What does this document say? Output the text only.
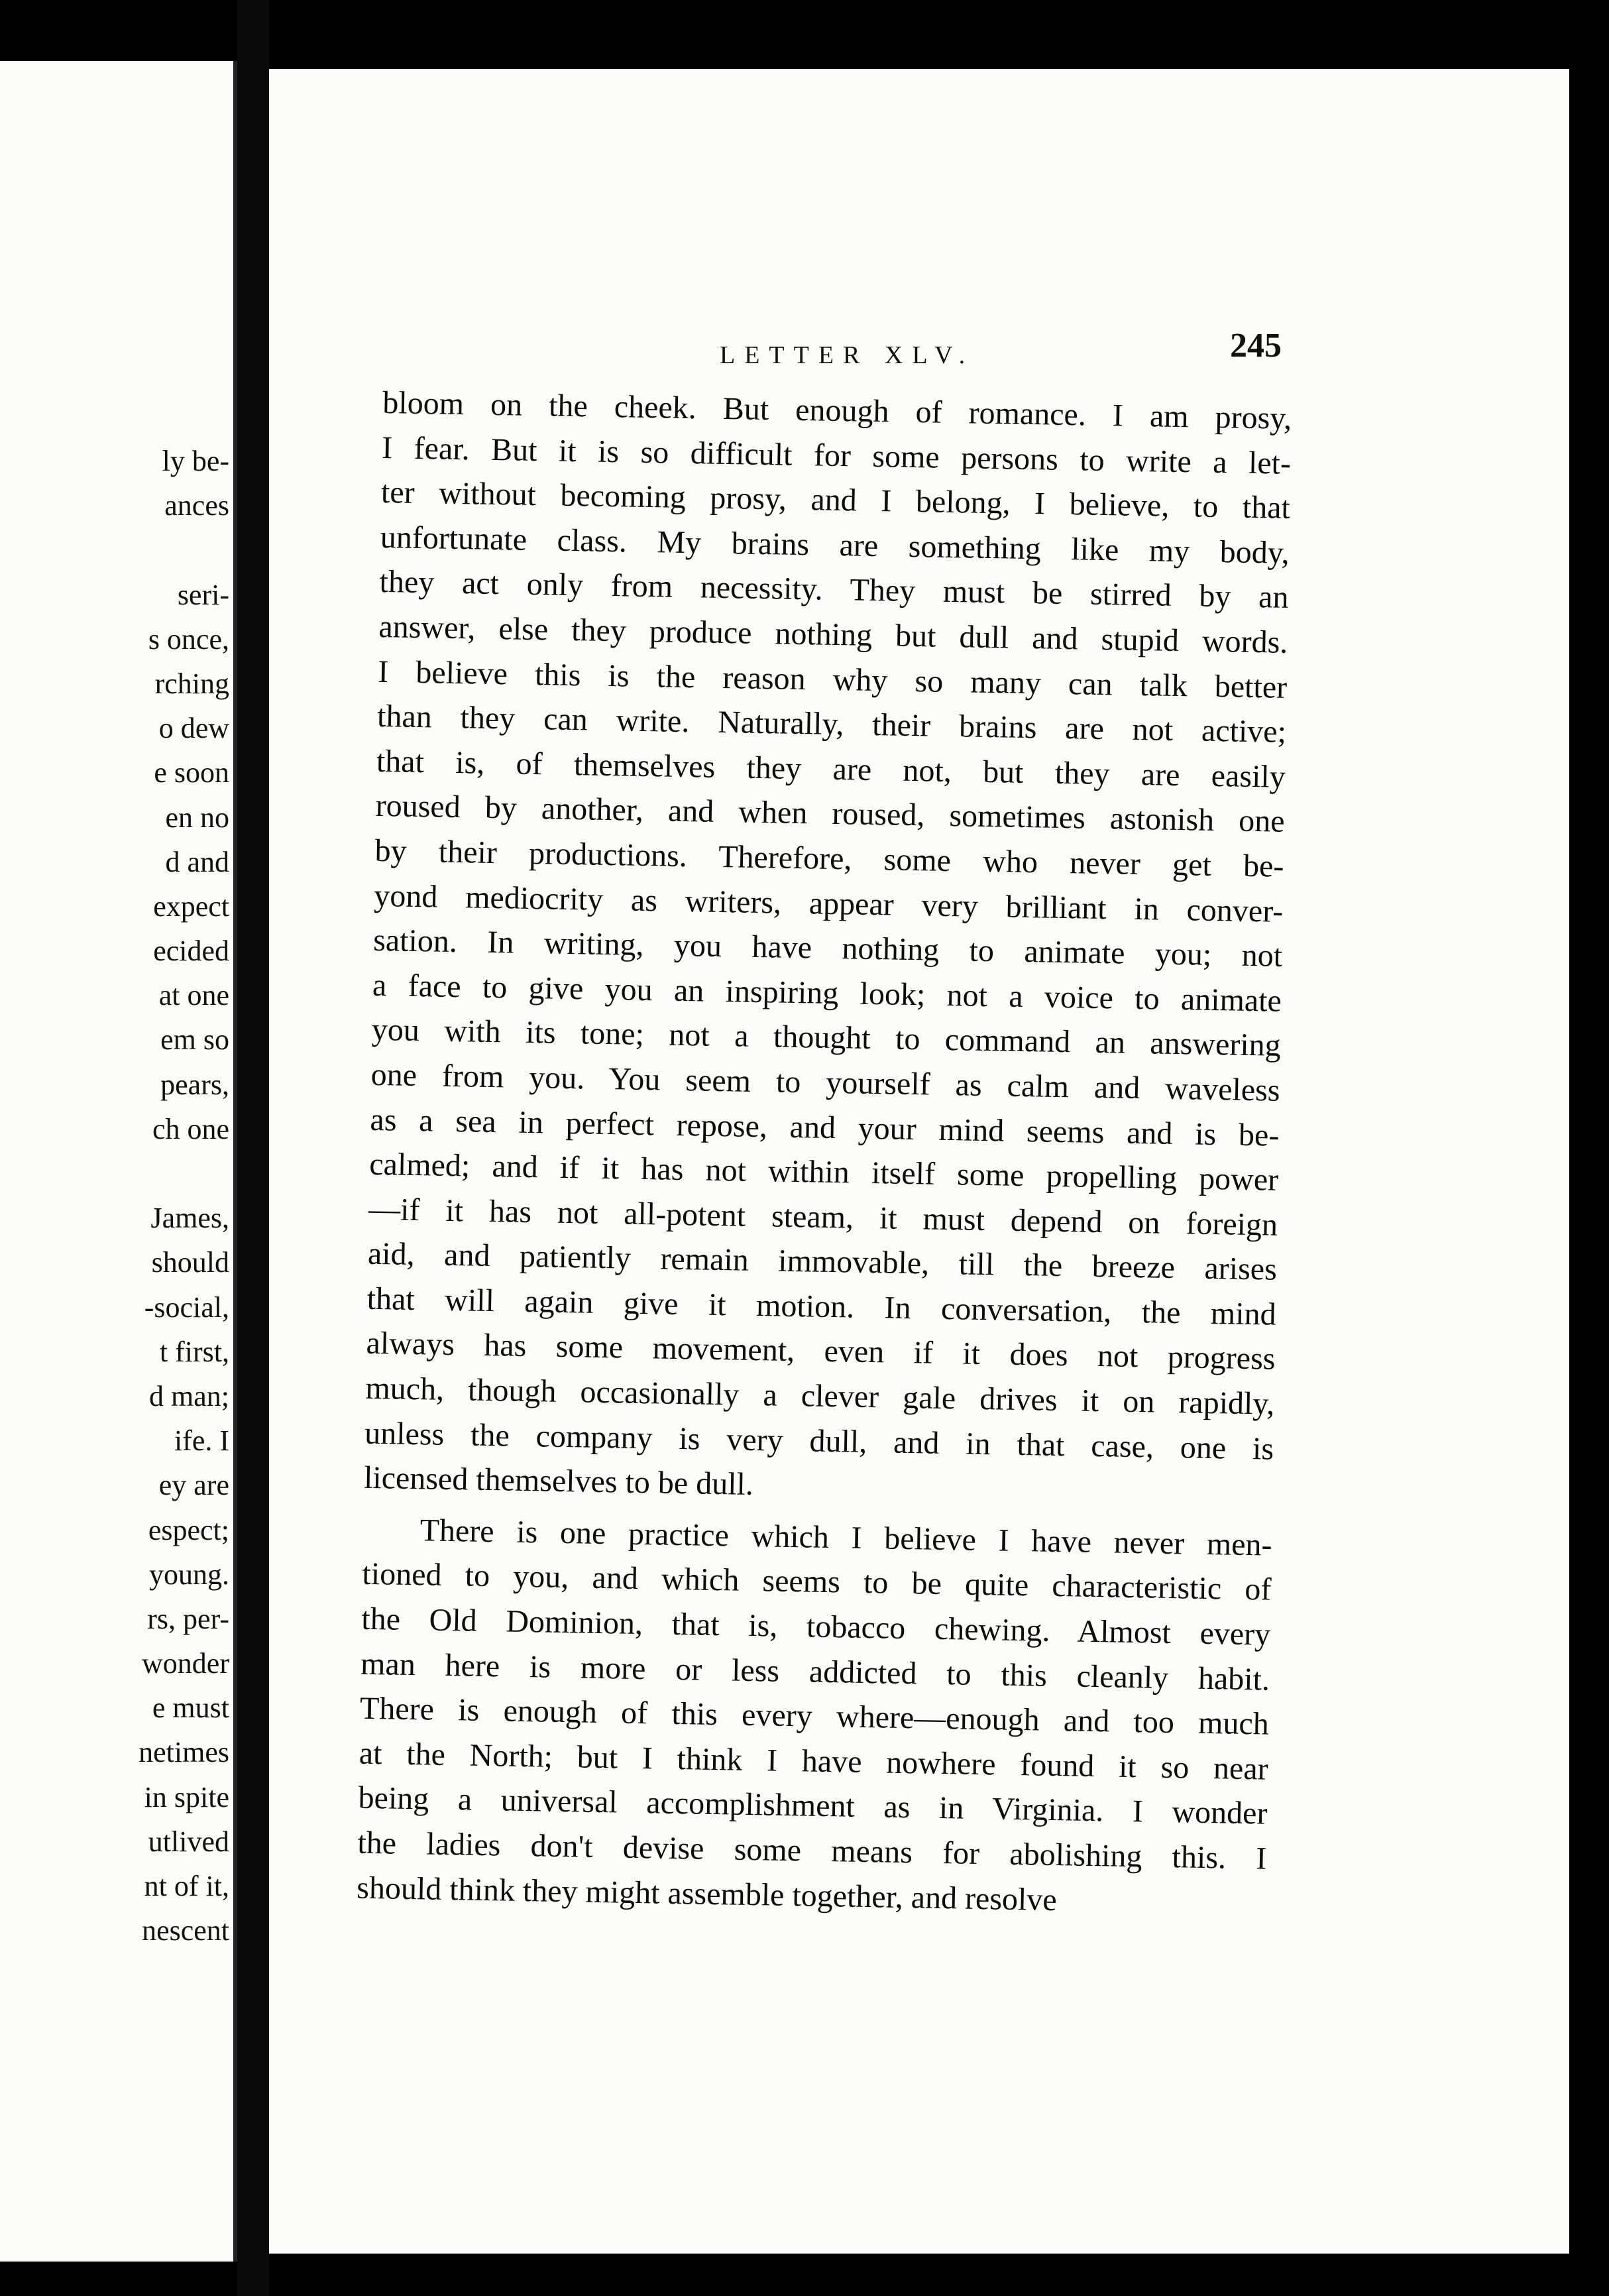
ly be-
ances
seri-
s once,
rching
o dew
e soon
en no
d and
expect
ecided
at one
em so
pears,
ch one
James,
should
-social,
t first,
d man;
ife. I
ey are
espect;
young.
rs, per-
wonder
e must
netimes
in spite
utlived
nt of it,
nescent
LETTER XLV.	245
bloom on the cheek. But enough of romance. I am prosy,
I fear. But it is so difficult for some persons to write a let-
ter without becoming prosy, and I belong, I believe, to that
unfortunate class. My brains are something like my body,
they act only from necessity. They must be stirred by an
answer, else they produce nothing but dull and stupid words.
I believe this is the reason why so many can talk better
than they can write. Naturally, their brains are not active;
that is, of themselves they are not, but they are easily
roused by another, and when roused, sometimes astonish one
by their productions. Therefore, some who never get be-
yond mediocrity as writers, appear very brilliant in conver-
sation. In writing, you have nothing to animate you; not
a face to give you an inspiring look; not a voice to animate
you with its tone; not a thought to command an answering
one from you. You seem to yourself as calm and waveless
as a sea in perfect repose, and your mind seems and is be-
calmed; and if it has not within itself some propelling power
—if it has not all-potent steam, it must depend on foreign
aid, and patiently remain immovable, till the breeze arises
that will again give it motion. In conversation, the mind
always has some movement, even if it does not progress
much, though occasionally a clever gale drives it on rapidly,
unless the company is very dull, and in that case, one is
licensed themselves to be dull.
There is one practice which I believe I have never men-
tioned to you, and which seems to be quite characteristic of
the Old Dominion, that is, tobacco chewing. Almost every
man here is more or less addicted to this cleanly habit.
There is enough of this every where—enough and too much
at the North; but I think I have nowhere found it so near
being a universal accomplishment as in Virginia. I wonder
the ladies don't devise some means for abolishing this. I
should think they might assemble together, and resolve
